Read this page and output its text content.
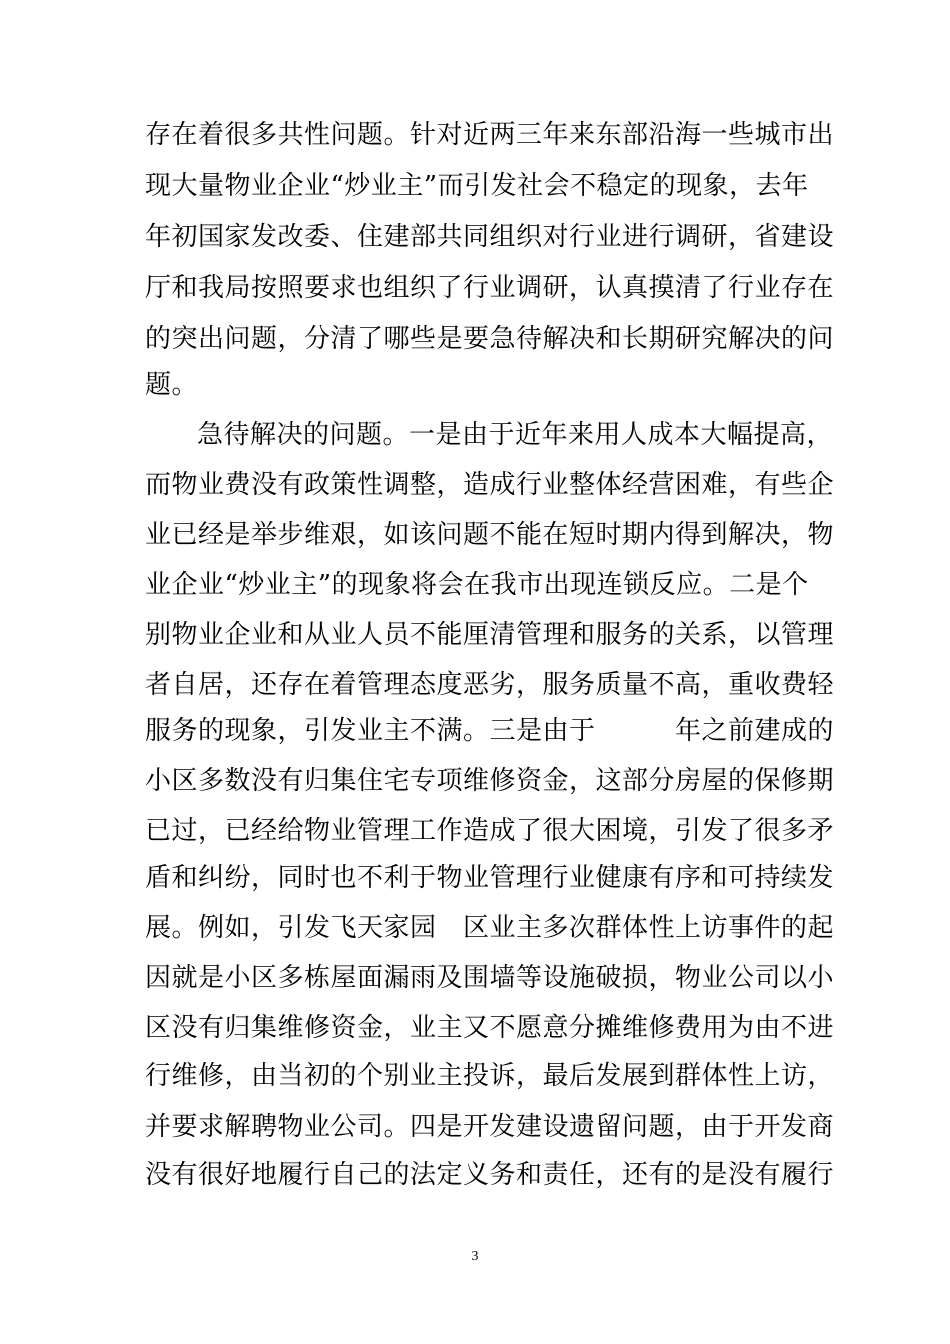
存在着很多共性问题。针对近两三年来东部沿海一些城市出
现大量物业企业“炒业主”而引发社会不稳定的现象，去年
年初国家发改委、住建部共同组织对行业进行调研，省建设
厅和我局按照要求也组织了行业调研，认真摸清了行业存在
的突出问题，分清了哪些是要急待解决和长期研究解决的问
题。
急待解决的问题。一是由于近年来用人成本大幅提高，
而物业费没有政策性调整，造成行业整体经营困难，有些企
业已经是举步维艰，如该问题不能在短时期内得到解决，物
业企业“炒业主”的现象将会在我市出现连锁反应。二是个
别物业企业和从业人员不能厘清管理和服务的关系，以管理
者自居，还存在着管理态度恶劣，服务质量不高，重收费轻
服务的现象，引发业主不满。三是由于　　　年之前建成的
小区多数没有归集住宅专项维修资金，这部分房屋的保修期
已过，已经给物业管理工作造成了很大困境，引发了很多矛
盾和纠纷，同时也不利于物业管理行业健康有序和可持续发
展。例如，引发飞天家园　区业主多次群体性上访事件的起
因就是小区多栋屋面漏雨及围墙等设施破损，物业公司以小
区没有归集维修资金，业主又不愿意分摊维修费用为由不进
行维修，由当初的个别业主投诉，最后发展到群体性上访，
并要求解聘物业公司。四是开发建设遗留问题，由于开发商
没有很好地履行自己的法定义务和责任，还有的是没有履行
3
